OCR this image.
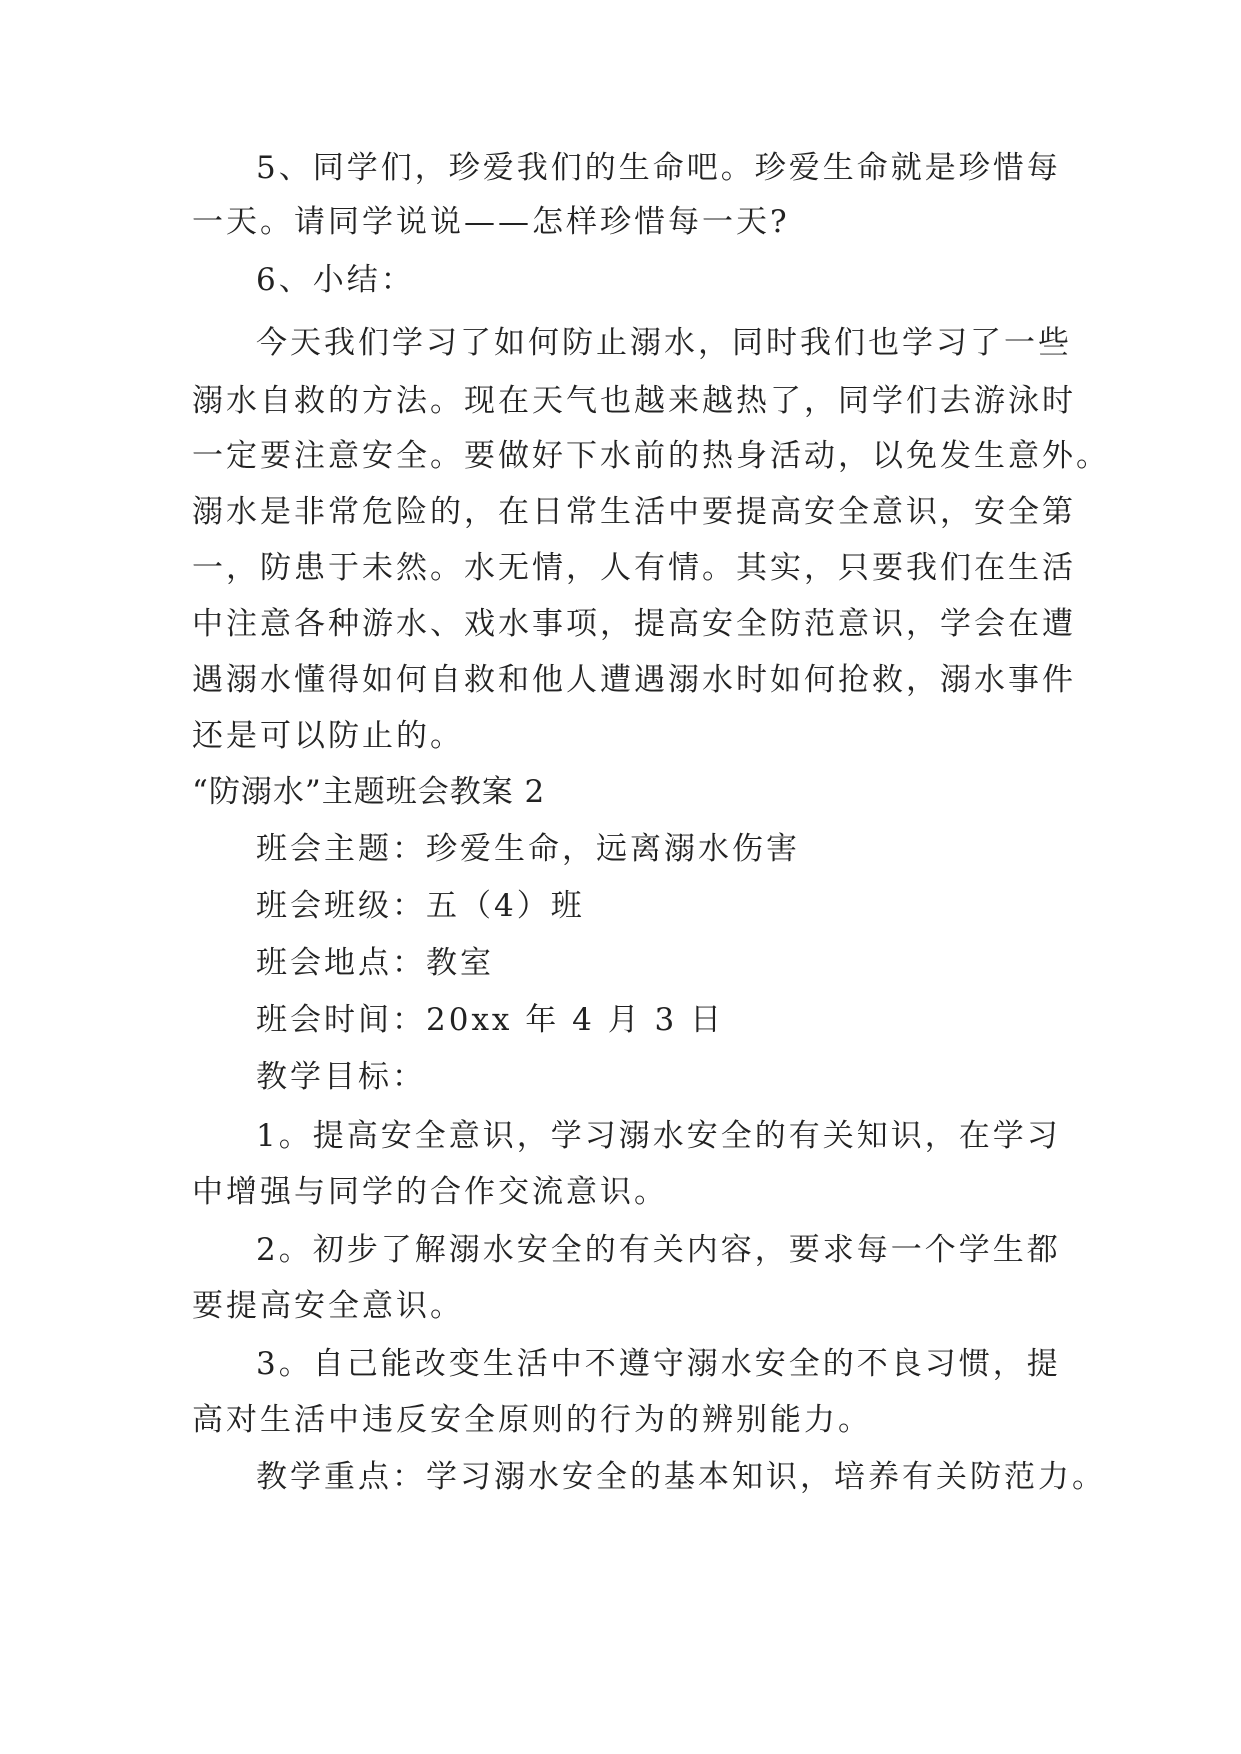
5、同学们，珍爱我们的生命吧。珍爱生命就是珍惜每
一天。请同学说说——怎样珍惜每一天?
6、小结：
今天我们学习了如何防止溺水，同时我们也学习了一些
溺水自救的方法。现在天气也越来越热了，同学们去游泳时
一定要注意安全。要做好下水前的热身活动，以免发生意外。
溺水是非常危险的，在日常生活中要提高安全意识，安全第
一，防患于未然。水无情，人有情。其实，只要我们在生活
中注意各种游水、戏水事项，提高安全防范意识，学会在遭
遇溺水懂得如何自救和他人遭遇溺水时如何抢救，溺水事件
还是可以防止的。
“防溺水”主题班会教案 2
班会主题：珍爱生命，远离溺水伤害
班会班级：五（4）班
班会地点：教室
班会时间：20xx 年 4 月 3 日
教学目标：
1。提高安全意识，学习溺水安全的有关知识，在学习
中增强与同学的合作交流意识。
2。初步了解溺水安全的有关内容，要求每一个学生都
要提高安全意识。
3。自己能改变生活中不遵守溺水安全的不良习惯，提
高对生活中违反安全原则的行为的辨别能力。
教学重点：学习溺水安全的基本知识，培养有关防范力。
